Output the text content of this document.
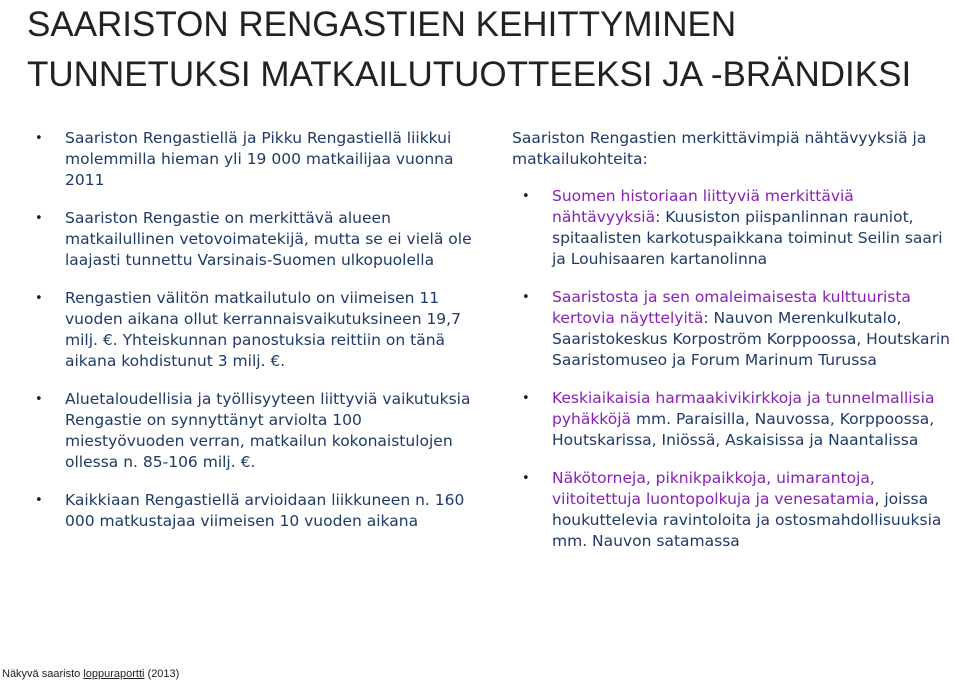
SAARISTON RENGASTIEN KEHITTYMINEN TUNNETUKSI MATKAILUTUOTTEEKSI JA -BRÄNDIKSI
• Saariston Rengastiellä ja Pikku Rengastiellä liikkui molemmilla hieman yli 19 000 matkailijaa vuonna 2011
• Saariston Rengastie on merkittävä alueen matkailullinen vetovoimatekijä, mutta se ei vielä ole laajasti tunnettu Varsinais-Suomen ulkopuolella
• Rengastien välitön matkailutulo on viimeisen 11 vuoden aikana ollut kerrannaisvaikutuksineen 19,7 milj. €. Yhteiskunnan panostuksia reittiin on tänä aikana kohdistunut 3 milj. €.
• Aluetaloudellisia ja työllisyyteen liittyviä vaikutuksia Rengastie on synnyttänyt arviolta 100 miestyövuoden verran, matkailun kokonaistulojen ollessa n. 85-106 milj. €.
• Kaikkiaan Rengastiellä arvioidaan liikkuneen n. 160 000 matkustajaa viimeisen 10 vuoden aikana

Saariston Rengastien merkittävimpiä nähtävyyksiä ja matkailukohteita:

• Suomen historiaan liittyviä merkittäviä nähtävyyksiä: Kuusiston piispanlinnan rauniot, spitaalisten karkotuspaikkana toiminut Seilin saari ja Louhisaaren kartanolinna
• Saaristosta ja sen omaleimaisesta kulttuurista kertovia näyttelyitä: Nauvon Merenkulkutalo, Saaristokeskus Korpoström Korppoossa, Houtskarin Saaristomuseo ja Forum Marinum Turussa
• Keskiaikaisia harmaakivikirkkoja ja tunnelmallisia pyhäkköjä mm. Paraisilla, Nauvossa, Korppoossa, Houtskarissa, Iniössä, Askaisissa ja Naantalissa
• Näkötorneja, piknikpaikkoja, uimarantoja, viitoitettuja luontopolkuja ja venesatamia, joissa houkuttelevia ravintoloita ja ostosmahdollisuuksia mm. Nauvon satamassa
Näkyvä saaristo loppuraportti (2013)
